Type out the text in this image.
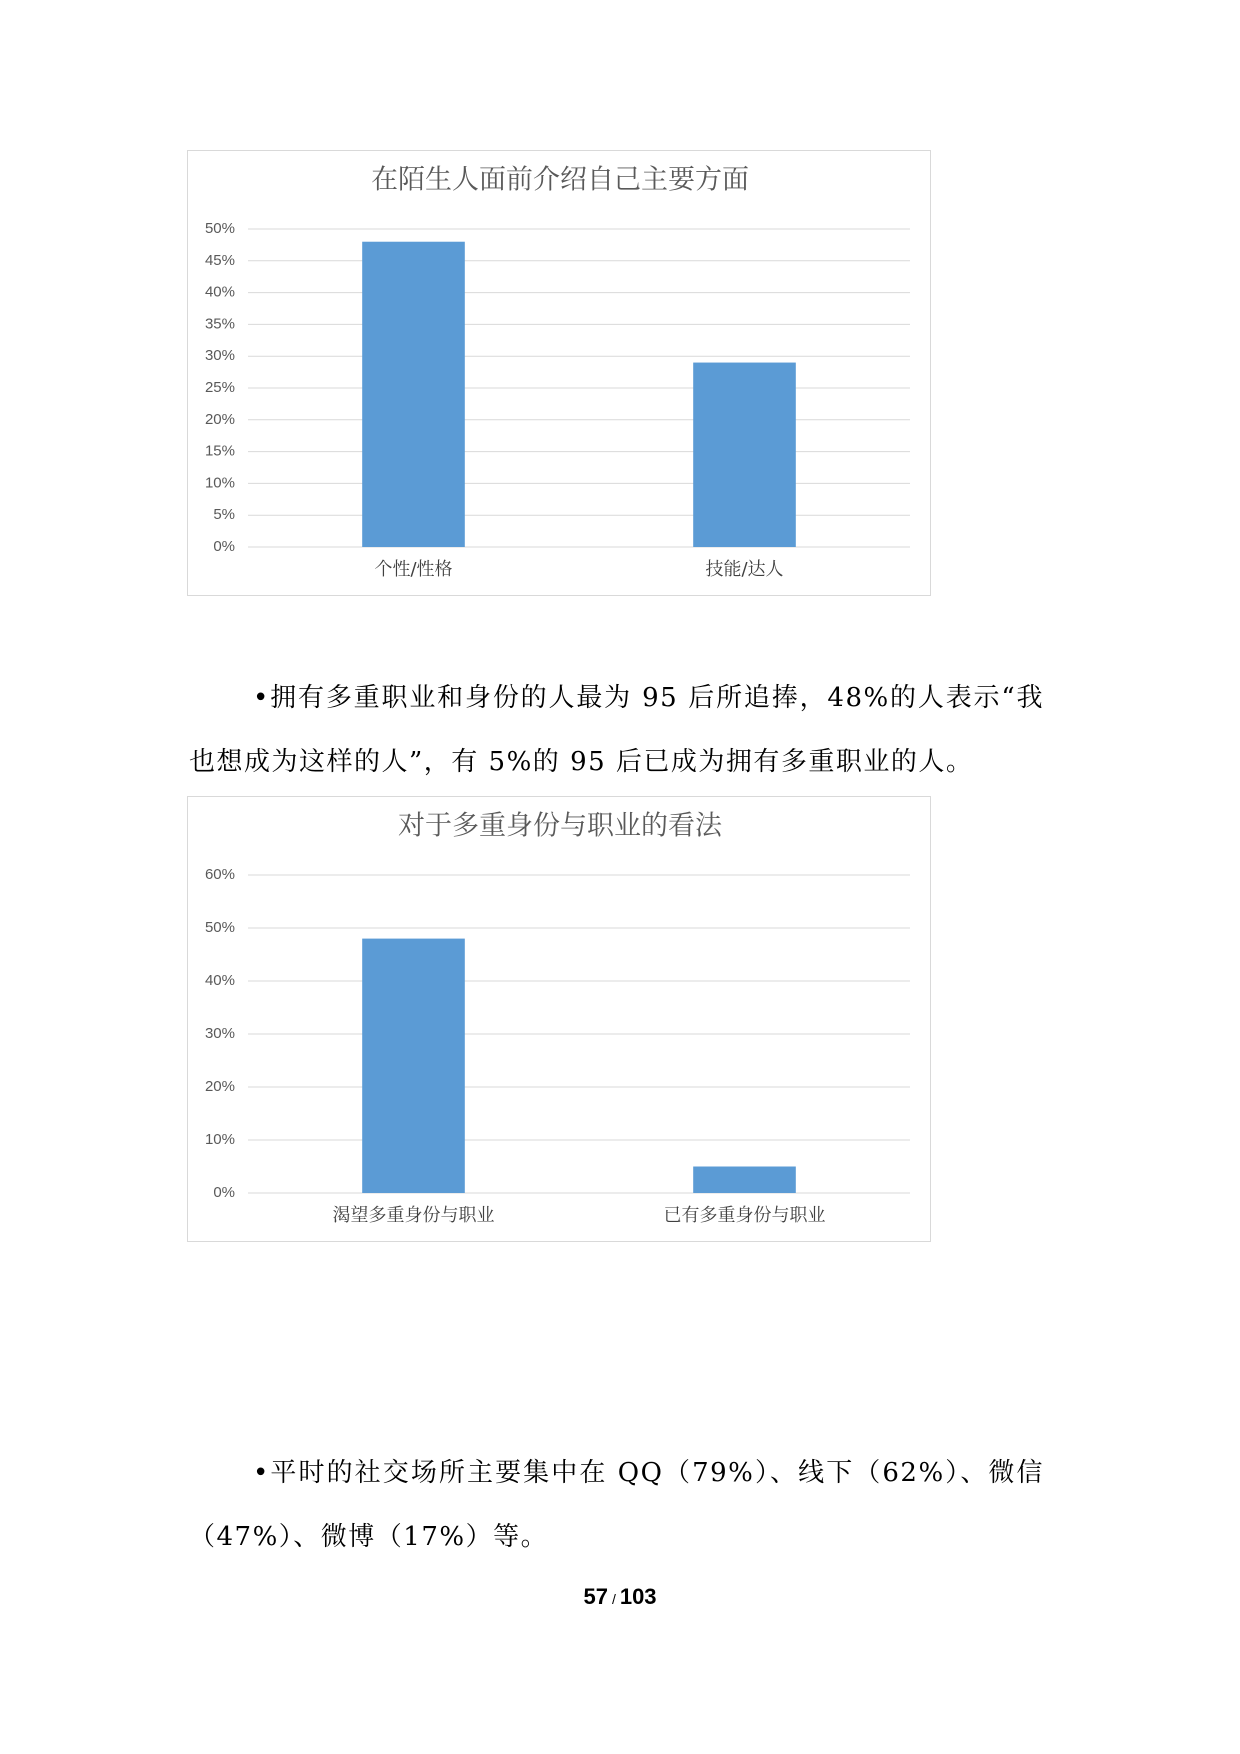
在陌生人面前介绍自己主要方面
0%
5%
10%
15%
20%
25%
30%
35%
40%
45%
50%
个性/性格	技能/达人

•拥有多重职业和身份的人最为 95 后所追捧，48%的人表示“我也想成为这样的人”，有 5%的 95 后已成为拥有多重职业的人。

对于多重身份与职业的看法
0%
10%
20%
30%
40%
50%
60%
渴望多重身份与职业	已有多重身份与职业

•平时的社交场所主要集中在 QQ（79%）、线下（62%）、微信（47%）、微博（17%）等。

57 / 103
